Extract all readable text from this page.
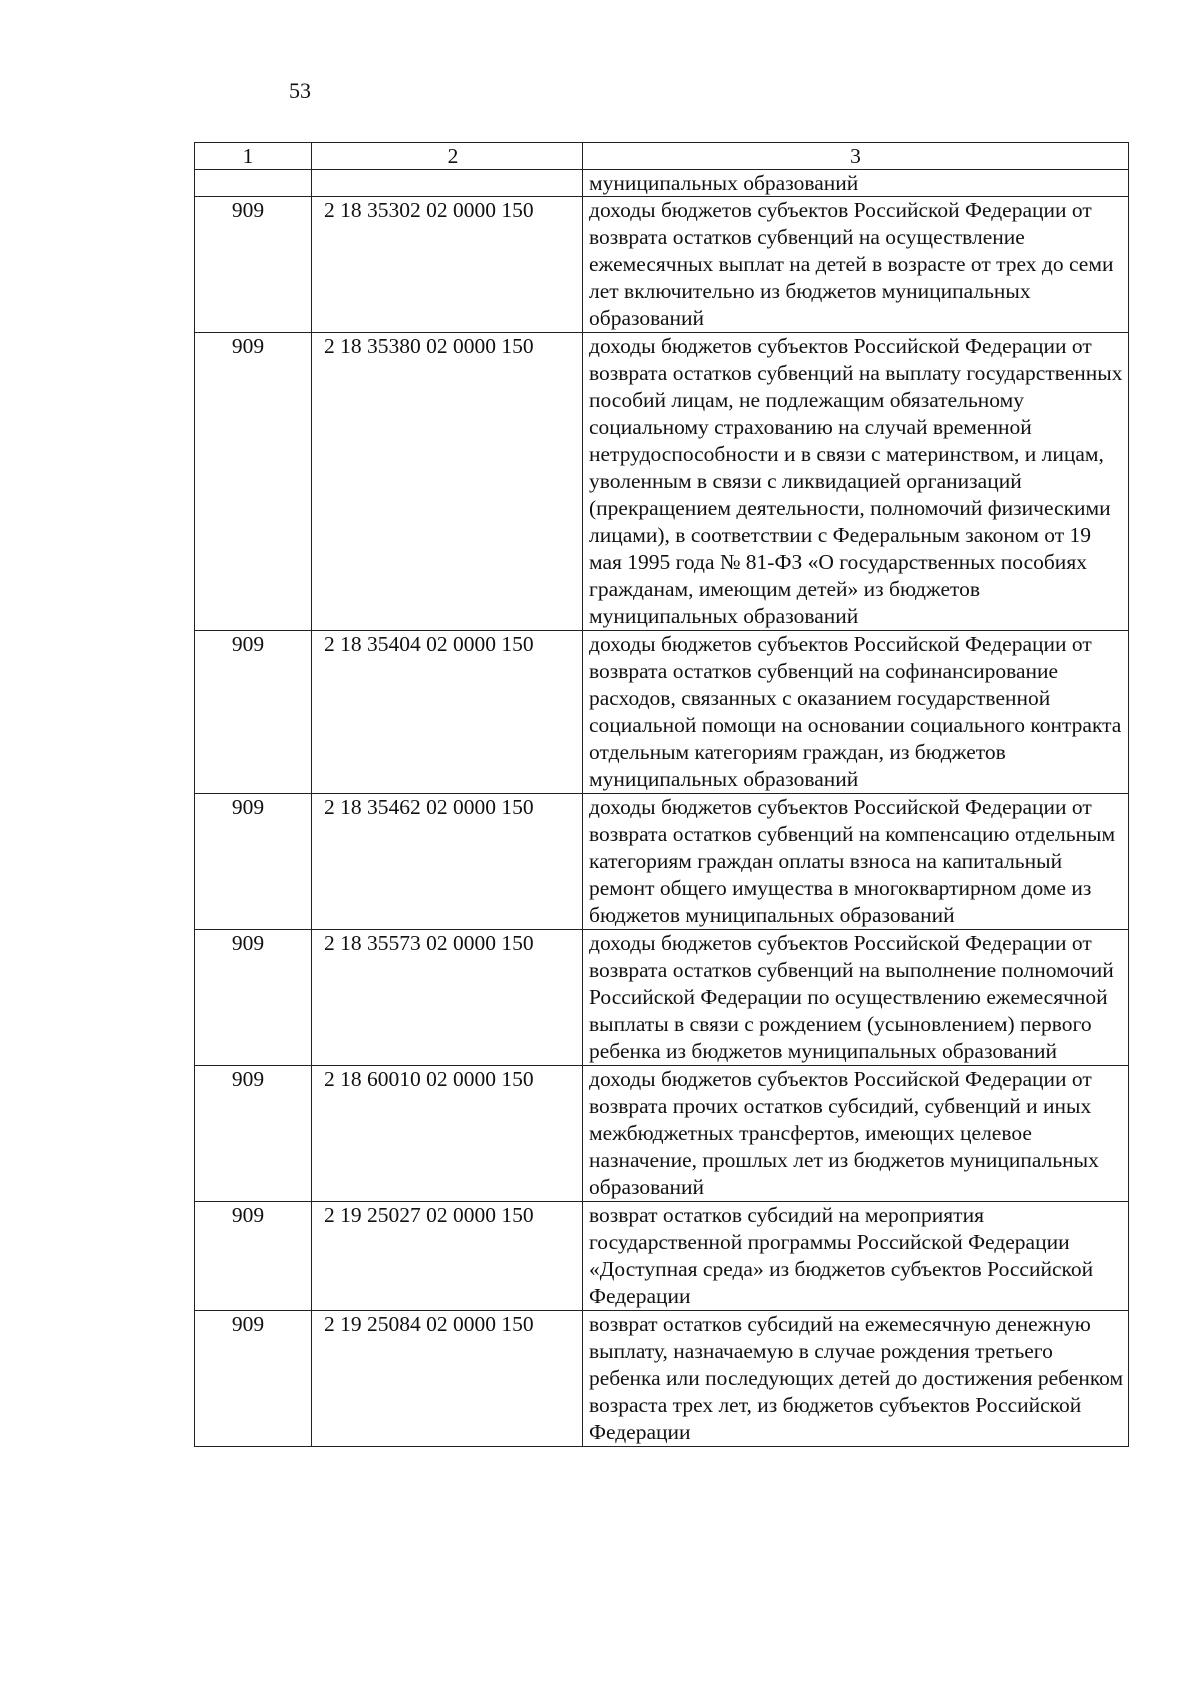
53
1	2	3
		муниципальных образований
909	2 18 35302 02 0000 150	доходы бюджетов субъектов Российской Федерации от возврата остатков субвенций на осуществление ежемесячных выплат на детей в возрасте от трех до семи лет включительно из бюджетов муниципальных образований
909	2 18 35380 02 0000 150	доходы бюджетов субъектов Российской Федерации от возврата остатков субвенций на выплату государственных пособий лицам, не подлежащим обязательному социальному страхованию на случай временной нетрудоспособности и в связи с материнством, и лицам, уволенным в связи с ликвидацией организаций (прекращением деятельности, полномочий физическими лицами), в соответствии с Федеральным законом от 19 мая 1995 года № 81-ФЗ «О государственных пособиях гражданам, имеющим детей» из бюджетов муниципальных образований
909	2 18 35404 02 0000 150	доходы бюджетов субъектов Российской Федерации от возврата остатков субвенций на софинансирование расходов, связанных с оказанием государственной социальной помощи на основании социального контракта отдельным категориям граждан, из бюджетов муниципальных образований
909	2 18 35462 02 0000 150	доходы бюджетов субъектов Российской Федерации от возврата остатков субвенций на компенсацию отдельным категориям граждан оплаты взноса на капитальный ремонт общего имущества в многоквартирном доме из бюджетов муниципальных образований
909	2 18 35573 02 0000 150	доходы бюджетов субъектов Российской Федерации от возврата остатков субвенций на выполнение полномочий Российской Федерации по осуществлению ежемесячной выплаты в связи с рождением (усыновлением) первого ребенка из бюджетов муниципальных образований
909	2 18 60010 02 0000 150	доходы бюджетов субъектов Российской Федерации от возврата прочих остатков субсидий, субвенций и иных межбюджетных трансфертов, имеющих целевое назначение, прошлых лет из бюджетов муниципальных образований
909	2 19 25027 02 0000 150	возврат остатков субсидий на мероприятия государственной программы Российской Федерации «Доступная среда» из бюджетов субъектов Российской Федерации
909	2 19 25084 02 0000 150	возврат остатков субсидий на ежемесячную денежную выплату, назначаемую в случае рождения третьего ребенка или последующих детей до достижения ребенком возраста трех лет, из бюджетов субъектов Российской Федерации
